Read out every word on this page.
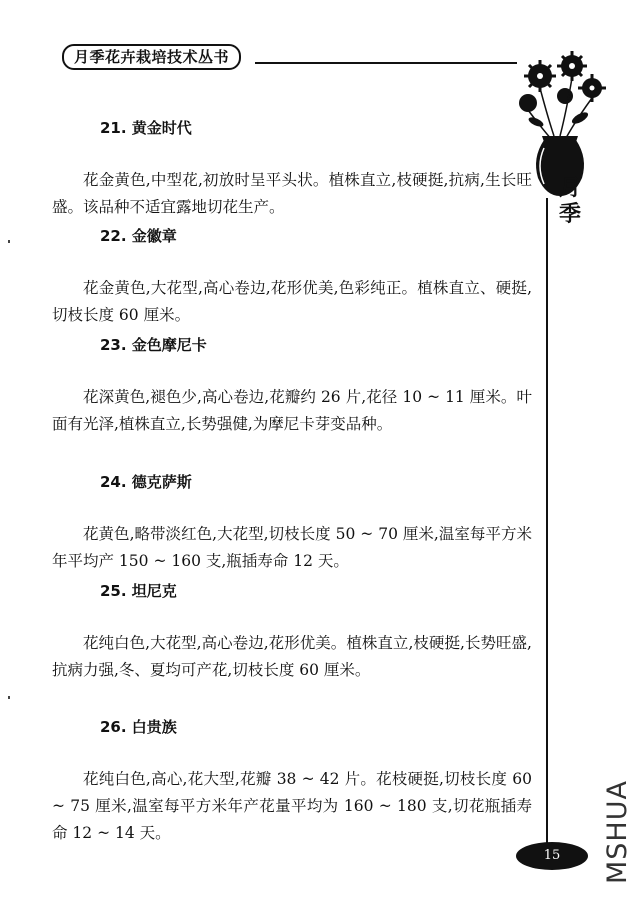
月季花卉栽培技术丛书
月
季
21. 黄金时代
花金黄色,中型花,初放时呈平头状。植株直立,枝硬挺,抗病,生长旺盛。该品种不适宜露地切花生产。
22. 金徽章
花金黄色,大花型,高心卷边,花形优美,色彩纯正。植株直立、硬挺,切枝长度 60 厘米。
23. 金色摩尼卡
花深黄色,褪色少,高心卷边,花瓣约 26 片,花径 10 ~ 11 厘米。叶面有光泽,植株直立,长势强健,为摩尼卡芽变品种。
24. 德克萨斯
花黄色,略带淡红色,大花型,切枝长度 50 ~ 70 厘米,温室每平方米年平均产 150 ~ 160 支,瓶插寿命 12 天。
25. 坦尼克
花纯白色,大花型,高心卷边,花形优美。植株直立,枝硬挺,长势旺盛,抗病力强,冬、夏均可产花,切枝长度 60 厘米。
26. 白贵族
花纯白色,高心,花大型,花瓣 38 ~ 42 片。花枝硬挺,切枝长度 60 ~ 75 厘米,温室每平方米年产花量平均为 160 ~ 180 支,切花瓶插寿命 12 ~ 14 天。
15	MSHUA
